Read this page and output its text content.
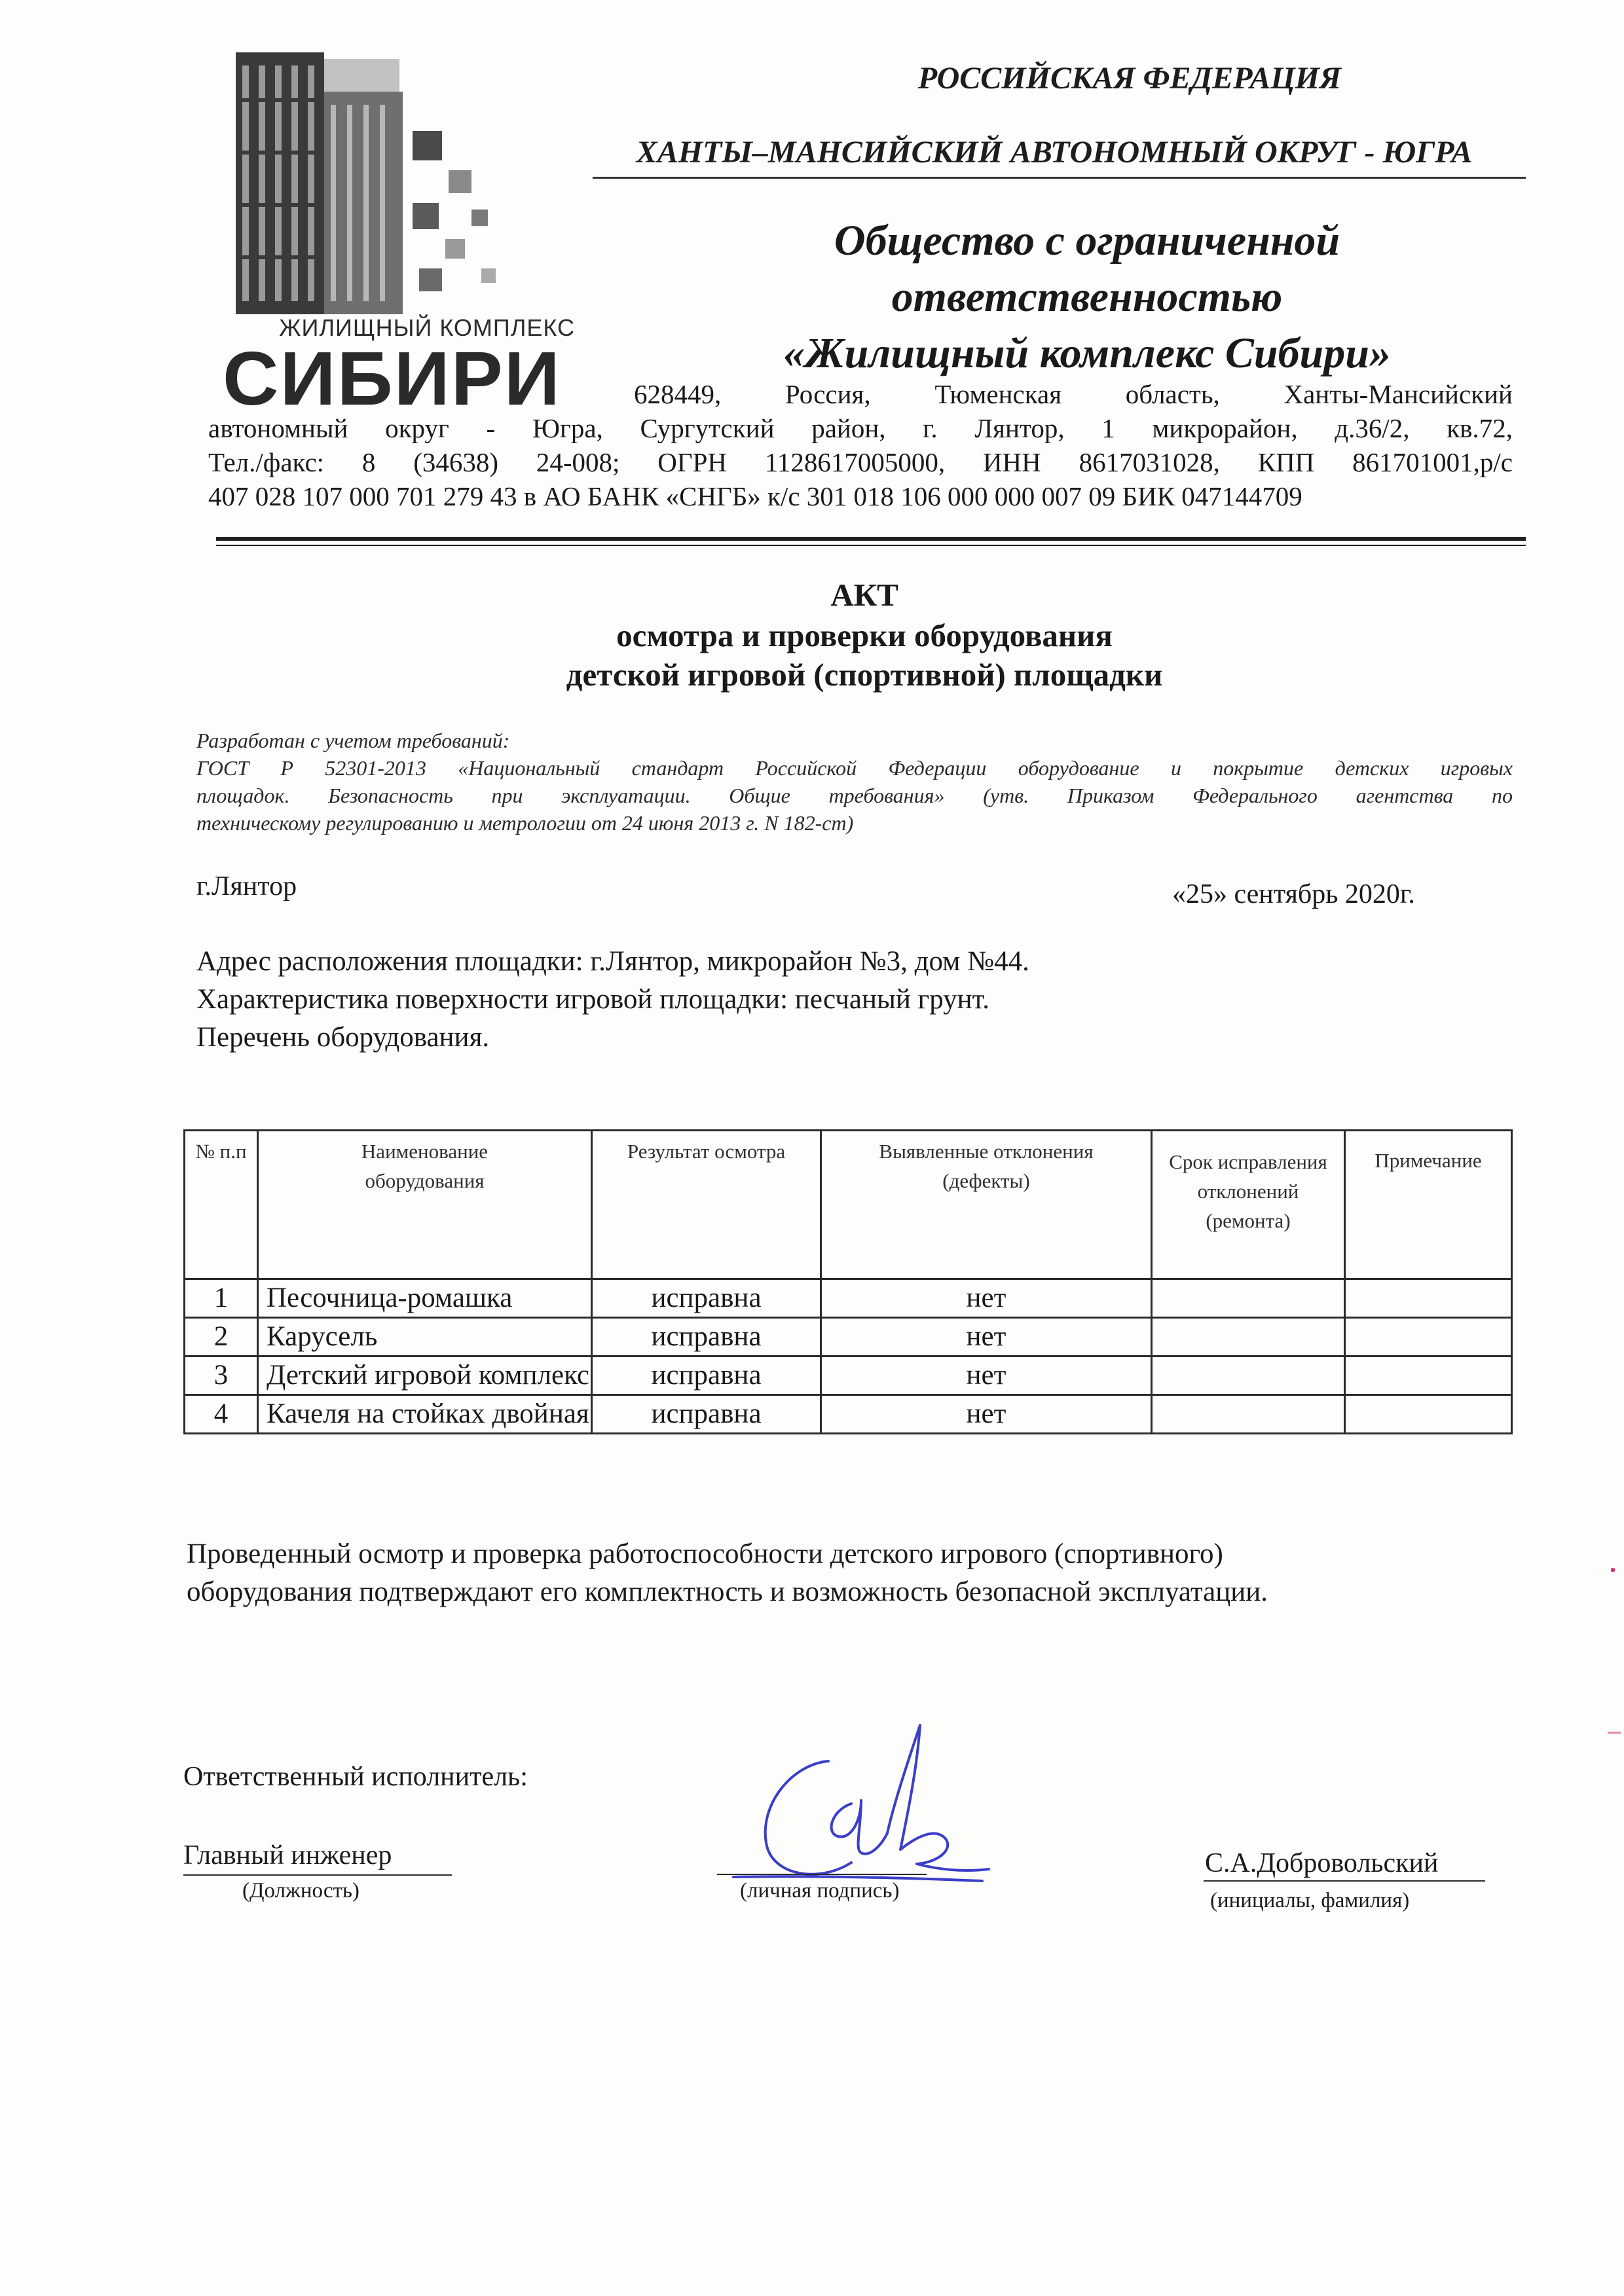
ЖИЛИЩНЫЙ КОМПЛЕКС
СИБИРИ
РОССИЙСКАЯ ФЕДЕРАЦИЯ
ХАНТЫ–МАНСИЙСКИЙ АВТОНОМНЫЙ ОКРУГ - ЮГРА
Общество с ограниченной
ответственностью
«Жилищный комплекс Сибири»
628449, Россия, Тюменская область, Ханты-Мансийский
автономный округ - Югра, Сургутский район, г. Лянтор, 1 микрорайон, д.36/2, кв.72,
Тел./факс: 8 (34638) 24-008; ОГРН 1128617005000, ИНН 8617031028, КПП 861701001,р/с
407 028 107 000 701 279 43 в АО БАНК «СНГБ» к/с 301 018 106 000 000 007 09 БИК 047144709
АКТ
осмотра и проверки оборудования
детской игровой (спортивной) площадки
Разработан с учетом требований:
ГОСТ Р 52301-2013 «Национальный стандарт Российской Федерации оборудование и покрытие детских игровых
площадок. Безопасность при эксплуатации. Общие требования» (утв. Приказом Федерального агентства по
техническому регулированию и метрологии от 24 июня 2013 г. N 182-ст)
г.Лянтор	«25» сентябрь 2020г.
Адрес расположения площадки: г.Лянтор, микрорайон №3, дом №44.
Характеристика поверхности игровой площадки: песчаный грунт.
Перечень оборудования.
№ п.п	Наименование оборудования	Результат осмотра	Выявленные отклонения (дефекты)	Срок исправления отклонений (ремонта)	Примечание
1	Песочница-ромашка	исправна	нет		
2	Карусель	исправна	нет		
3	Детский игровой комплекс	исправна	нет		
4	Качеля на стойках двойная	исправна	нет		
Проведенный осмотр и проверка работоспособности детского игрового (спортивного)
оборудования подтверждают его комплектность и возможность безопасной эксплуатации.
Ответственный исполнитель:
Главный инженер
(Должность)	(личная подпись)
С.А.Добровольский
(инициалы, фамилия)
